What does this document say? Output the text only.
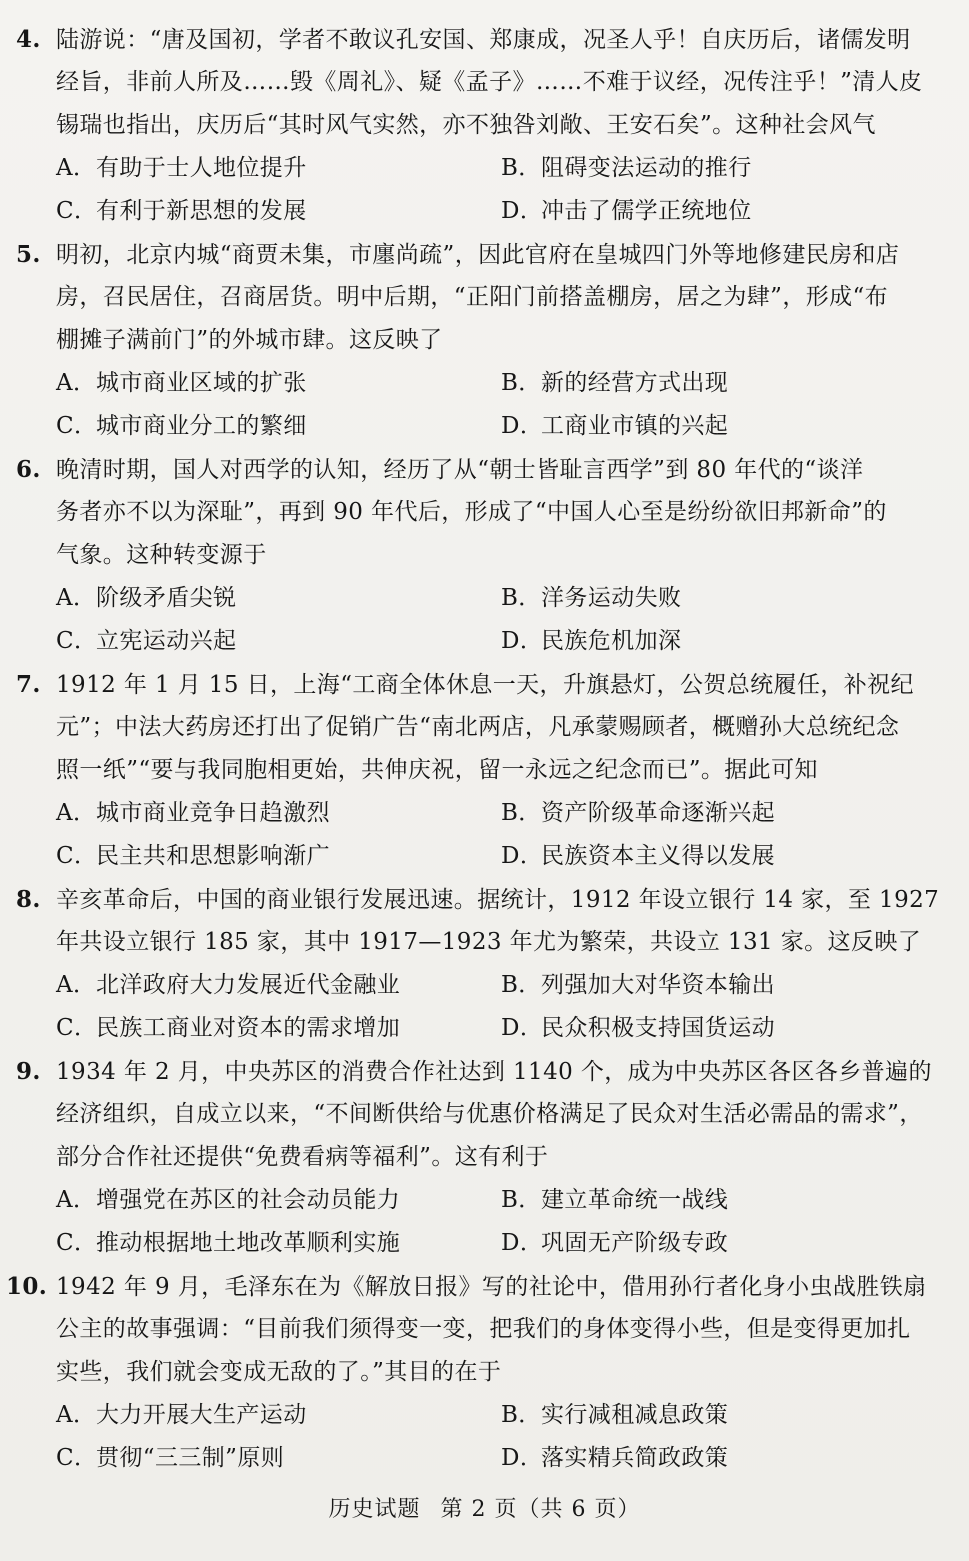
4. 陆游说：“唐及国初，学者不敢议孔安国、郑康成，况圣人乎！自庆历后，诸儒发明
经旨，非前人所及……毁《周礼》、疑《孟子》……不难于议经，况传注乎！”清人皮
锡瑞也指出，庆历后“其时风气实然，亦不独咎刘敞、王安石矣”。这种社会风气
A．有助于士人地位提升	B．阻碍变法运动的推行
C．有利于新思想的发展	D．冲击了儒学正统地位
5. 明初，北京内城“商贾未集，市廛尚疏”，因此官府在皇城四门外等地修建民房和店
房，召民居住，召商居货。明中后期，“正阳门前搭盖棚房，居之为肆”，形成“布
棚摊子满前门”的外城市肆。这反映了
A．城市商业区域的扩张	B．新的经营方式出现
C．城市商业分工的繁细	D．工商业市镇的兴起
6. 晚清时期，国人对西学的认知，经历了从“朝士皆耻言西学”到 80 年代的“谈洋
务者亦不以为深耻”，再到 90 年代后，形成了“中国人心至是纷纷欲旧邦新命”的
气象。这种转变源于
A．阶级矛盾尖锐	B．洋务运动失败
C．立宪运动兴起	D．民族危机加深
7. 1912 年 1 月 15 日，上海“工商全体休息一天，升旗悬灯，公贺总统履任，补祝纪
元”；中法大药房还打出了促销广告“南北两店，凡承蒙赐顾者，概赠孙大总统纪念
照一纸”“要与我同胞相更始，共伸庆祝，留一永远之纪念而已”。据此可知
A．城市商业竞争日趋激烈	B．资产阶级革命逐渐兴起
C．民主共和思想影响渐广	D．民族资本主义得以发展
8. 辛亥革命后，中国的商业银行发展迅速。据统计，1912 年设立银行 14 家，至 1927
年共设立银行 185 家，其中 1917—1923 年尤为繁荣，共设立 131 家。这反映了
A．北洋政府大力发展近代金融业	B．列强加大对华资本输出
C．民族工商业对资本的需求增加	D．民众积极支持国货运动
9. 1934 年 2 月，中央苏区的消费合作社达到 1140 个，成为中央苏区各区各乡普遍的
经济组织，自成立以来，“不间断供给与优惠价格满足了民众对生活必需品的需求”，
部分合作社还提供“免费看病等福利”。这有利于
A．增强党在苏区的社会动员能力	B．建立革命统一战线
C．推动根据地土地改革顺利实施	D．巩固无产阶级专政
10. 1942 年 9 月，毛泽东在为《解放日报》写的社论中，借用孙行者化身小虫战胜铁扇
公主的故事强调：“目前我们须得变一变，把我们的身体变得小些，但是变得更加扎
实些，我们就会变成无敌的了。”其目的在于
A．大力开展大生产运动	B．实行减租减息政策
C．贯彻“三三制”原则	D．落实精兵简政政策
历史试题 第 2 页（共 6 页）
